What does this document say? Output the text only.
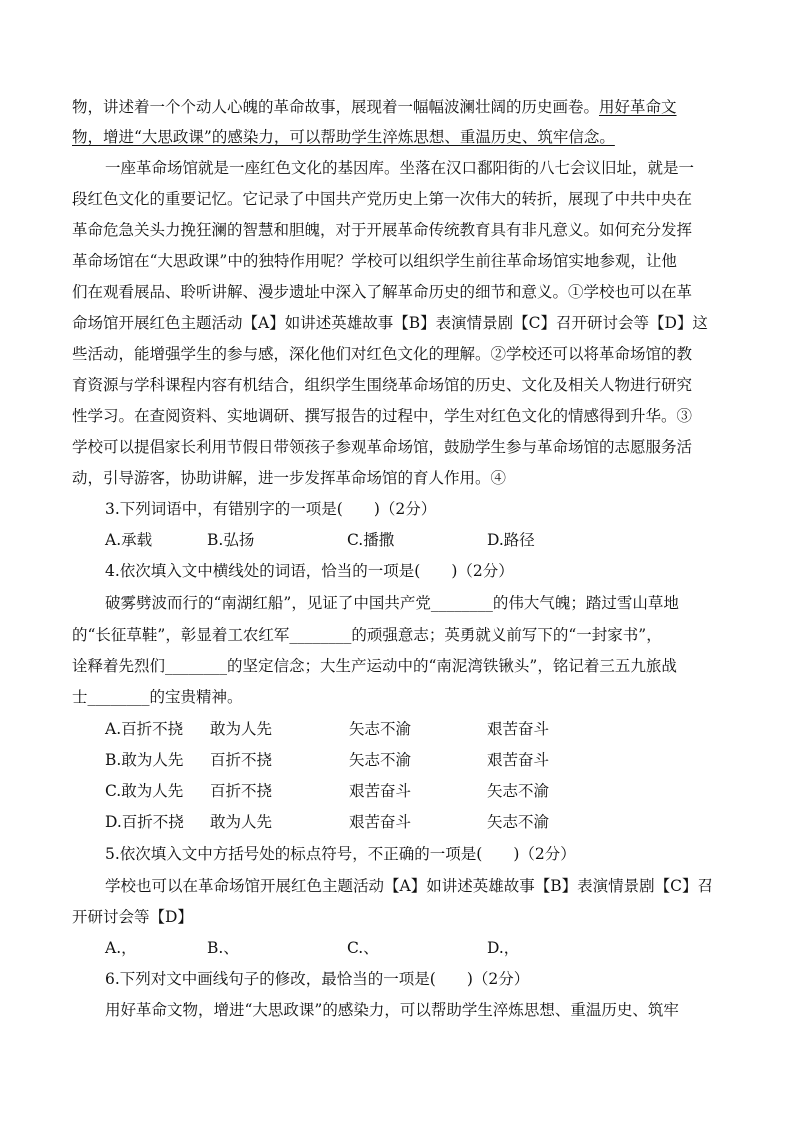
物，讲述着一个个动人心魄的革命故事，展现着一幅幅波澜壮阔的历史画卷。用好革命文
物，增进“大思政课”的感染力，可以帮助学生淬炼思想、重温历史、筑牢信念。
一座革命场馆就是一座红色文化的基因库。坐落在汉口鄱阳街的八七会议旧址，就是一
段红色文化的重要记忆。它记录了中国共产党历史上第一次伟大的转折，展现了中共中央在
革命危急关头力挽狂澜的智慧和胆魄，对于开展革命传统教育具有非凡意义。如何充分发挥
革命场馆在“大思政课”中的独特作用呢？学校可以组织学生前往革命场馆实地参观，让他
们在观看展品、聆听讲解、漫步遗址中深入了解革命历史的细节和意义。①学校也可以在革
命场馆开展红色主题活动【A】如讲述英雄故事【B】表演情景剧【C】召开研讨会等【D】这
些活动，能增强学生的参与感，深化他们对红色文化的理解。②学校还可以将革命场馆的教
育资源与学科课程内容有机结合，组织学生围绕革命场馆的历史、文化及相关人物进行研究
性学习。在查阅资料、实地调研、撰写报告的过程中，学生对红色文化的情感得到升华。③
学校可以提倡家长利用节假日带领孩子参观革命场馆，鼓励学生参与革命场馆的志愿服务活
动，引导游客，协助讲解，进一步发挥革命场馆的育人作用。④
3.下列词语中，有错别字的一项是(　　)（2分）
A.承载	B.弘扬	C.播撒	D.路径
4.依次填入文中横线处的词语，恰当的一项是(　　)（2分）
破雾劈波而行的“南湖红船”，见证了中国共产党________的伟大气魄；踏过雪山草地
的“长征草鞋”，彰显着工农红军________的顽强意志；英勇就义前写下的“一封家书”，
诠释着先烈们________的坚定信念；大生产运动中的“南泥湾铁锹头”，铭记着三五九旅战
士________的宝贵精神。
A.百折不挠 敢为人先	矢志不渝	艰苦奋斗
B.敢为人先 百折不挠	矢志不渝	艰苦奋斗
C.敢为人先 百折不挠	艰苦奋斗	矢志不渝
D.百折不挠 敢为人先	艰苦奋斗	矢志不渝
5.依次填入文中方括号处的标点符号，不正确的一项是(　　)（2分）
学校也可以在革命场馆开展红色主题活动【A】如讲述英雄故事【B】表演情景剧【C】召
开研讨会等【D】
A.，	B.、	C.、	D.，
6.下列对文中画线句子的修改，最恰当的一项是(　　)（2分）
用好革命文物，增进“大思政课”的感染力，可以帮助学生淬炼思想、重温历史、筑牢
